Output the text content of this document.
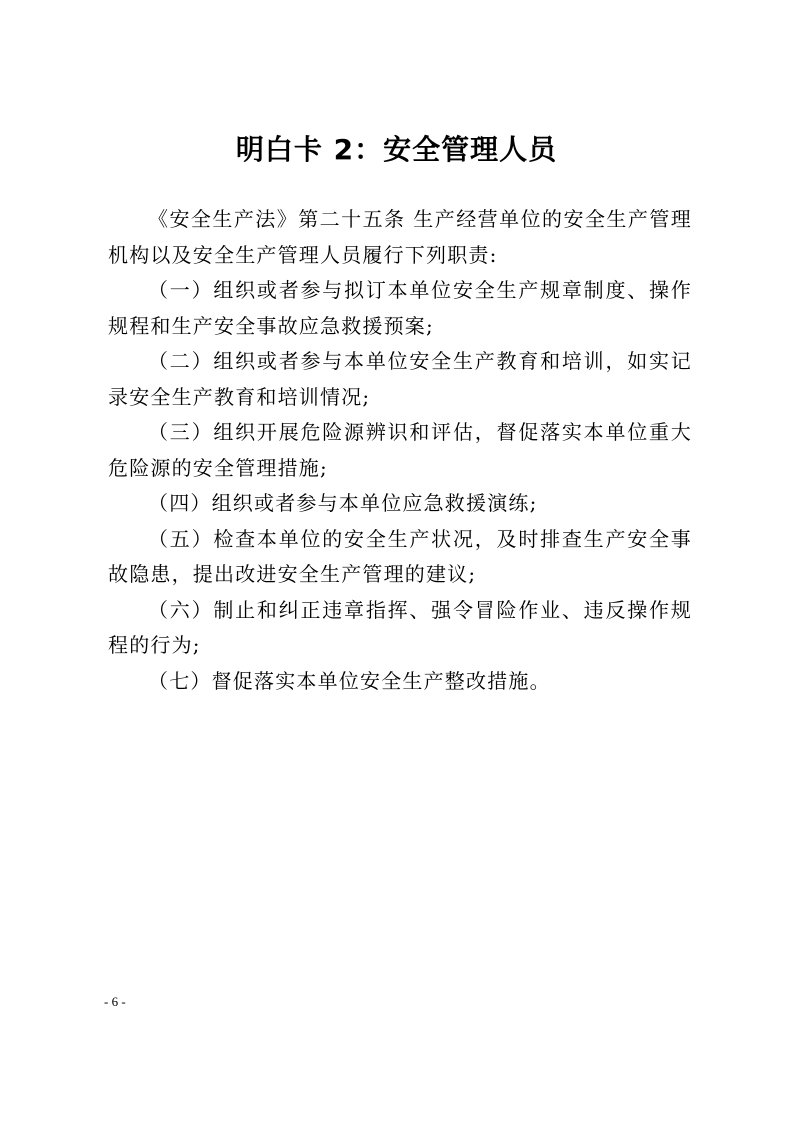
明白卡 2：安全管理人员

《安全生产法》第二十五条 生产经营单位的安全生产管理机构以及安全生产管理人员履行下列职责:

（一）组织或者参与拟订本单位安全生产规章制度、操作规程和生产安全事故应急救援预案;

（二）组织或者参与本单位安全生产教育和培训，如实记录安全生产教育和培训情况;

（三）组织开展危险源辨识和评估，督促落实本单位重大危险源的安全管理措施;

（四）组织或者参与本单位应急救援演练;

（五）检查本单位的安全生产状况，及时排查生产安全事故隐患，提出改进安全生产管理的建议;

（六）制止和纠正违章指挥、强令冒险作业、违反操作规程的行为;

（七）督促落实本单位安全生产整改措施。

- 6 -
